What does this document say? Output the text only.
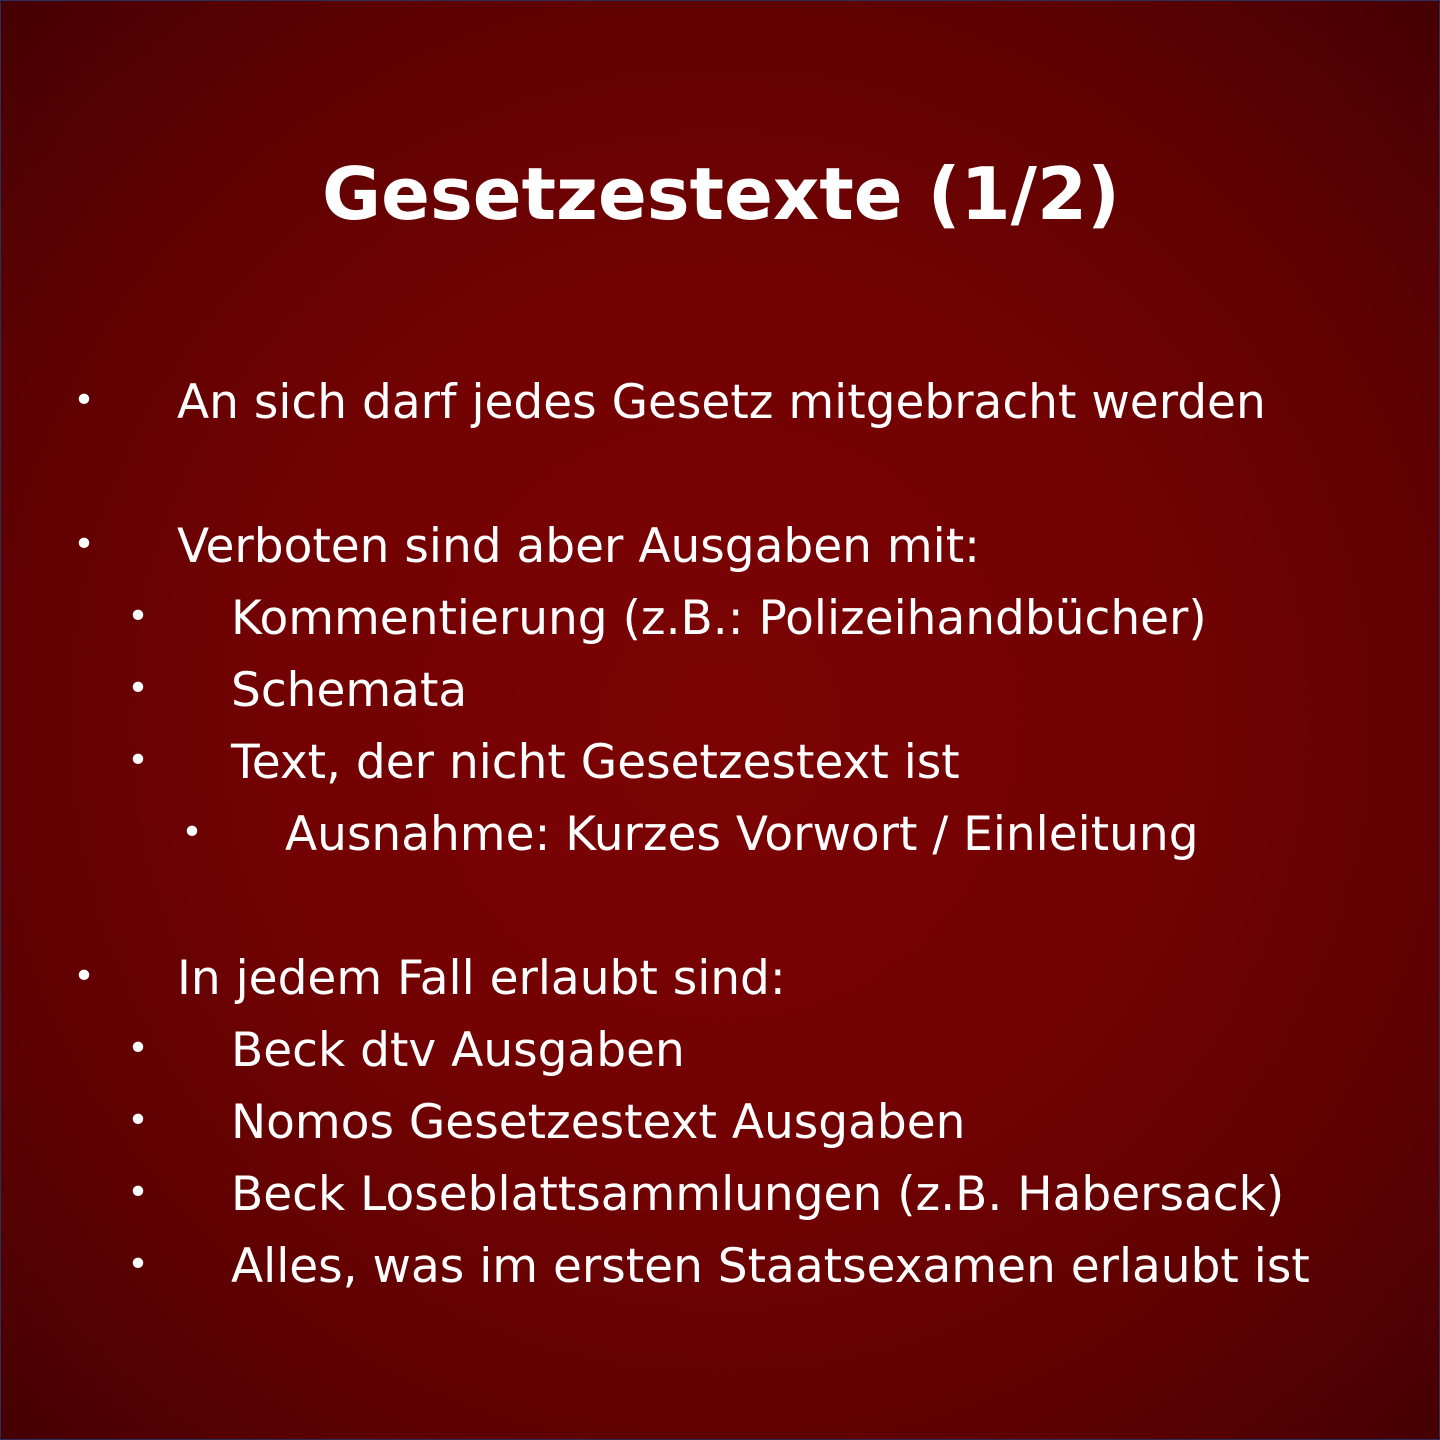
Gesetzestexte (1/2)
• An sich darf jedes Gesetz mitgebracht werden
• Verboten sind aber Ausgaben mit:
• Kommentierung (z.B.: Polizeihandbücher)
• Schemata
• Text, der nicht Gesetzestext ist
• Ausnahme: Kurzes Vorwort / Einleitung
• In jedem Fall erlaubt sind:
• Beck dtv Ausgaben
• Nomos Gesetzestext Ausgaben
• Beck Loseblattsammlungen (z.B. Habersack)
• Alles, was im ersten Staatsexamen erlaubt ist
